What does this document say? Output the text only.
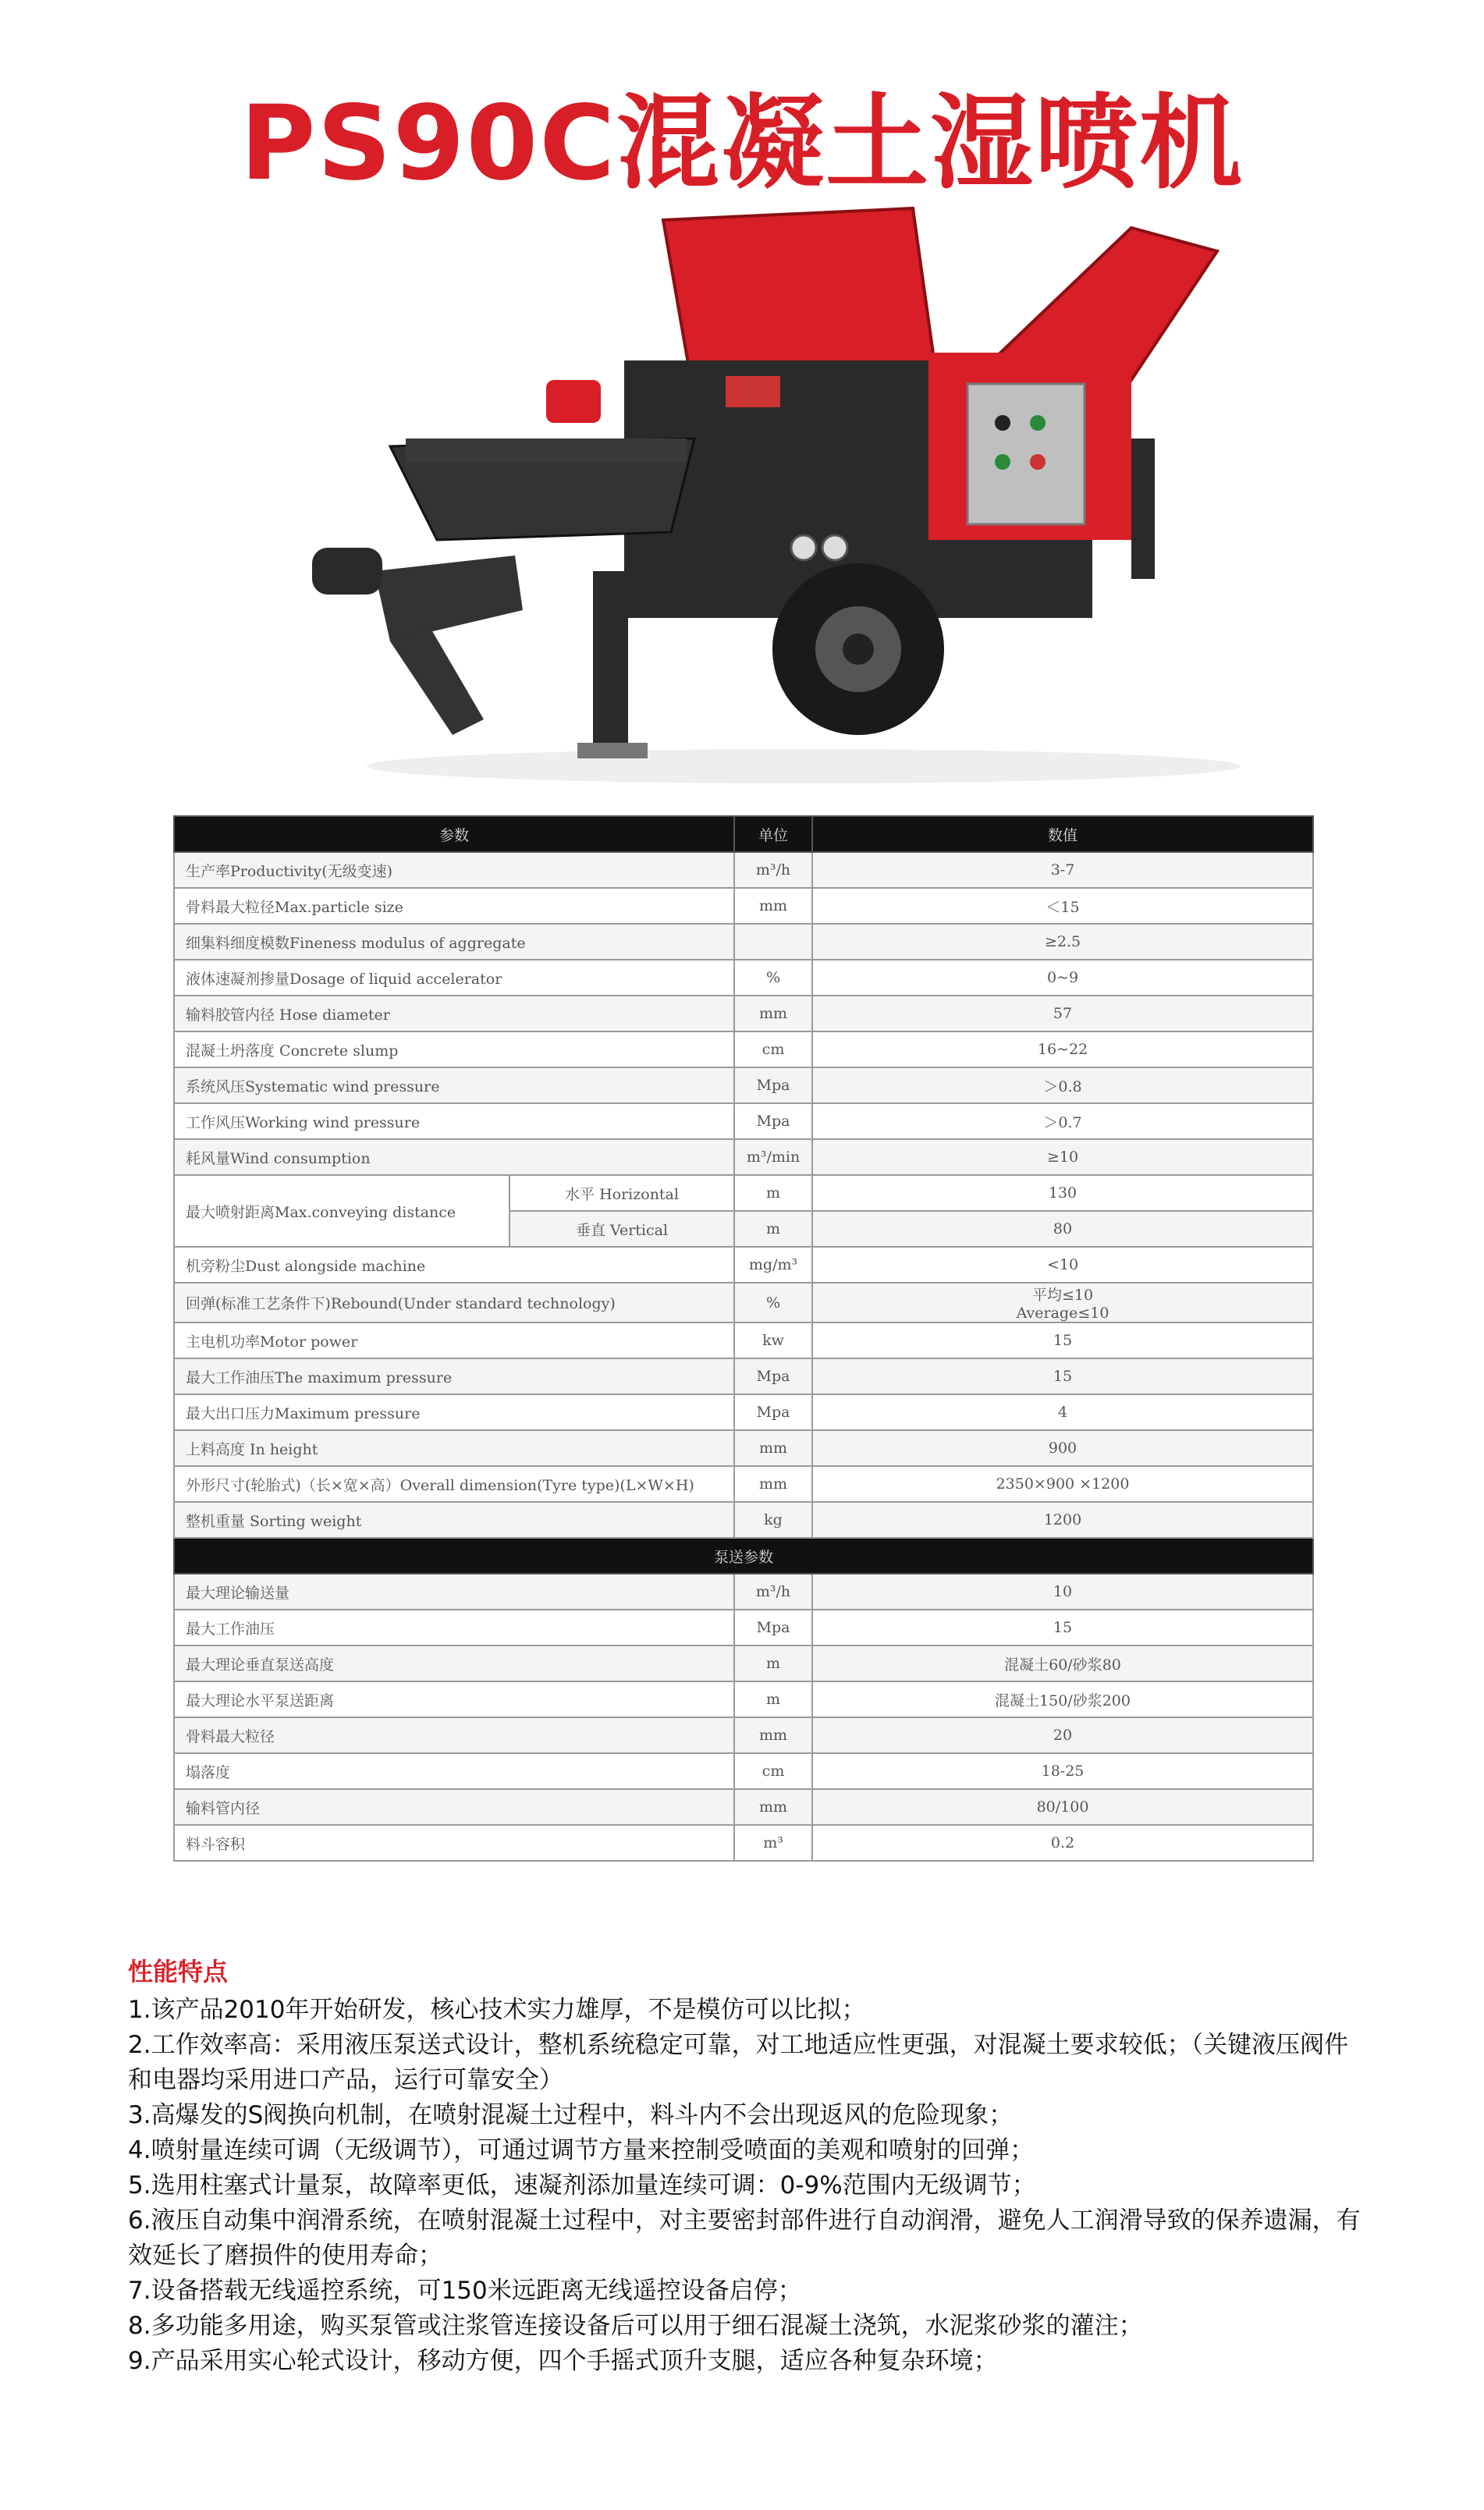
PS90C混凝土湿喷机
参数		单位	数值
生产率Productivity(无级变速)		m³/h	3-7
骨料最大粒径Max.particle size		mm	＜15
细集料细度模数Fineness modulus of aggregate			≥2.5
液体速凝剂掺量Dosage of liquid accelerator		%	0~9
输料胶管内径 Hose diameter		mm	57
混凝土坍落度 Concrete slump		cm	16~22
系统风压Systematic wind pressure		Mpa	＞0.8
工作风压Working wind pressure		Mpa	＞0.7
耗风量Wind consumption		m³/min	≥10
最大喷射距离Max.conveying distance	水平 Horizontal	m	130
	垂直 Vertical	m	80
机旁粉尘Dust alongside machine		mg/m³	<10
回弹(标准工艺条件下)Rebound(Under standard technology)		%	平均≤10
Average≤10

主电机功率Motor power		kw	15
最大工作油压The maximum pressure		Mpa	15
最大出口压力Maximum pressure		Mpa	4
上料高度 In height		mm	900
外形尺寸(轮胎式)（长×宽×高）Overall dimension(Tyre type)(L×W×H)		mm	2350×900 ×1200
整机重量 Sorting weight		kg	1200
泵送参数			
最大理论输送量		m³/h	10
最大工作油压		Mpa	15
最大理论垂直泵送高度		m	混凝土60/砂浆80
最大理论水平泵送距离		m	混凝土150/砂浆200
骨料最大粒径		mm	20
塌落度		cm	18-25
输料管内径		mm	80/100
料斗容积		m³	0.2
性能特点

1.该产品2010年开始研发，核心技术实力雄厚，不是模仿可以比拟；

2.工作效率高：采用液压泵送式设计，整机系统稳定可靠，对工地适应性更强，对混凝土要求较低；（关键液压阀件和电器均采用进口产品，运行可靠安全）

3.高爆发的S阀换向机制，在喷射混凝土过程中，料斗内不会出现返风的危险现象；

4.喷射量连续可调（无级调节），可通过调节方量来控制受喷面的美观和喷射的回弹；

5.选用柱塞式计量泵，故障率更低，速凝剂添加量连续可调：0-9%范围内无级调节；

6.液压自动集中润滑系统，在喷射混凝土过程中，对主要密封部件进行自动润滑，避免人工润滑导致的保养遗漏，有效延长了磨损件的使用寿命；

7.设备搭载无线遥控系统，可150米远距离无线遥控设备启停；

8.多功能多用途，购买泵管或注浆管连接设备后可以用于细石混凝土浇筑，水泥浆砂浆的灌注；

9.产品采用实心轮式设计，移动方便，四个手摇式顶升支腿，适应各种复杂环境；
